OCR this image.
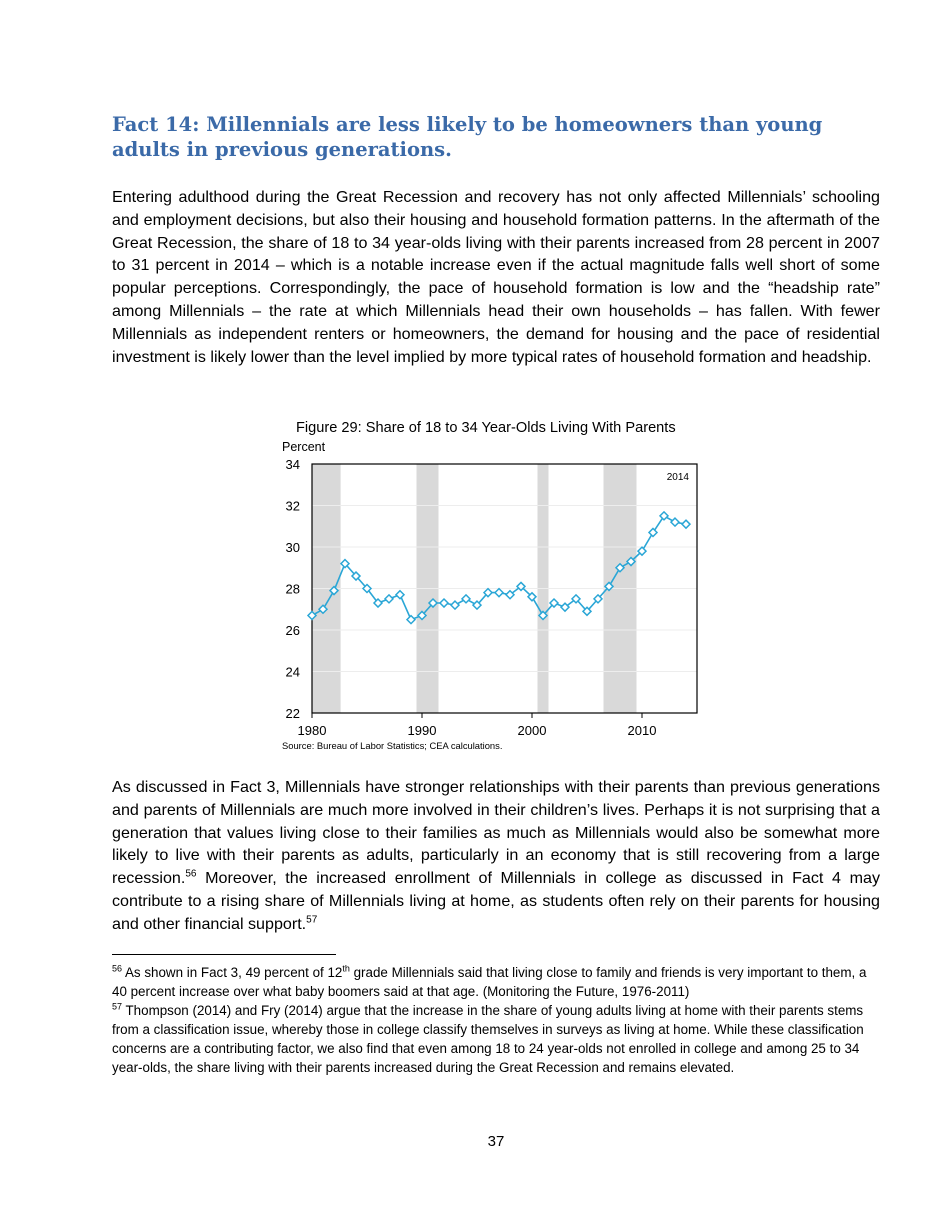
Fact 14: Millennials are less likely to be homeowners than young adults in previous generations.

Entering adulthood during the Great Recession and recovery has not only affected Millennials’ schooling and employment decisions, but also their housing and household formation patterns. In the aftermath of the Great Recession, the share of 18 to 34 year-olds living with their parents increased from 28 percent in 2007 to 31 percent in 2014 – which is a notable increase even if the actual magnitude falls well short of some popular perceptions. Correspondingly, the pace of household formation is low and the “headship rate” among Millennials – the rate at which Millennials head their own households – has fallen. With fewer Millennials as independent renters or homeowners, the demand for housing and the pace of residential investment is likely lower than the level implied by more typical rates of household formation and headship.

Figure 29: Share of 18 to 34 Year-Olds Living With Parents

Percent

22
24
26
28
30
32
34
1980	1990	2000	2010
2014

Source: Bureau of Labor Statistics; CEA calculations.

As discussed in Fact 3, Millennials have stronger relationships with their parents than previous generations and parents of Millennials are much more involved in their children’s lives. Perhaps it is not surprising that a generation that values living close to their families as much as Millennials would also be somewhat more likely to live with their parents as adults, particularly in an economy that is still recovering from a large recession.$^{56}$ Moreover, the increased enrollment of Millennials in college as discussed in Fact 4 may contribute to a rising share of Millennials living at home, as students often rely on their parents for housing and other financial support.$^{57}$

$^{56}$ As shown in Fact 3, 49 percent of 12th grade Millennials said that living close to family and friends is very important to them, a 40 percent increase over what baby boomers said at that age. (Monitoring the Future, 1976-2011)

$^{57}$ Thompson (2014) and Fry (2014) argue that the increase in the share of young adults living at home with their parents stems from a classification issue, whereby those in college classify themselves in surveys as living at home. While these classification concerns are a contributing factor, we also find that even among 18 to 24 year-olds not enrolled in college and among 25 to 34 year-olds, the share living with their parents increased during the Great Recession and remains elevated.

37
